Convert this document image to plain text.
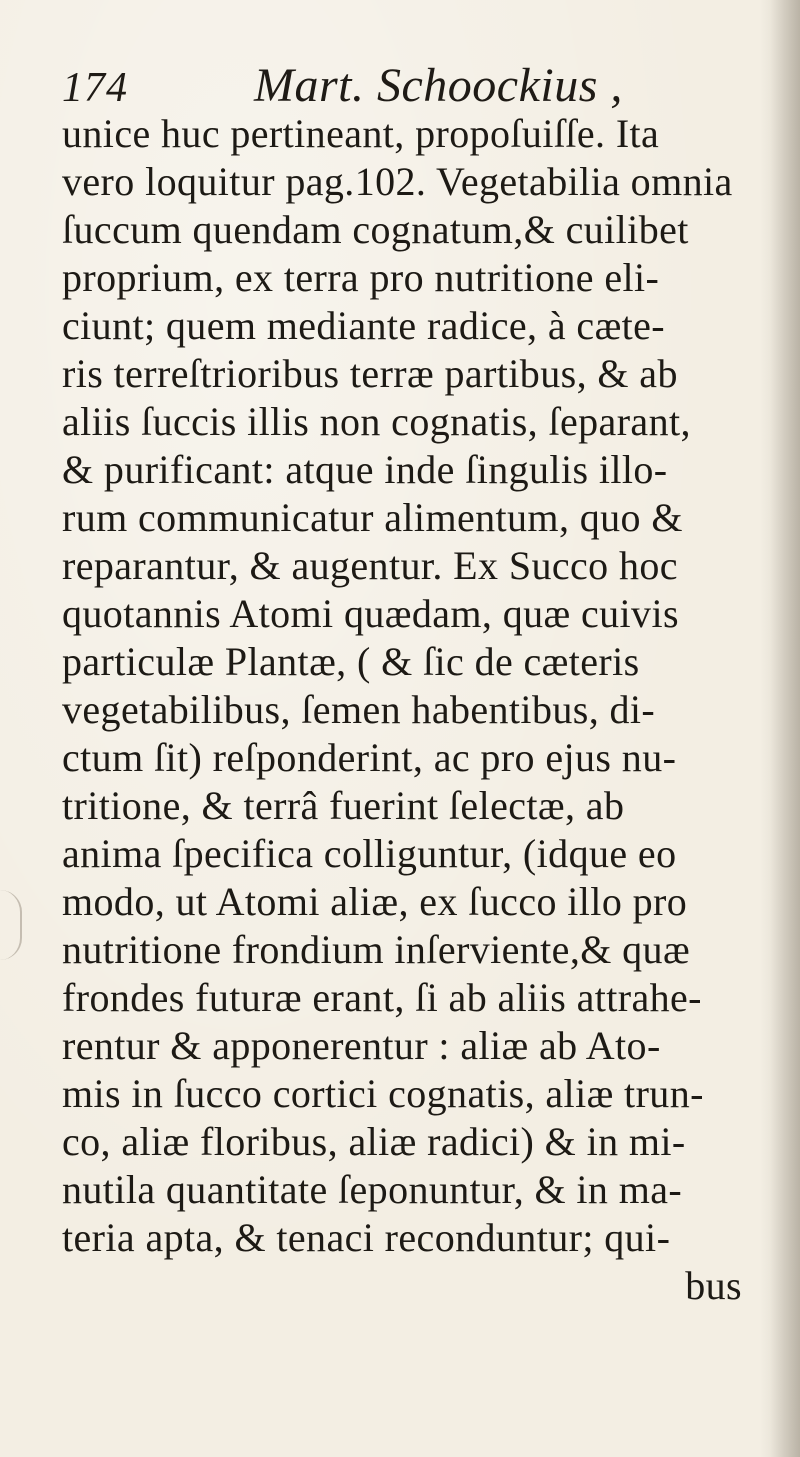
174	Mart. Schoockius ,
unice huc pertineant, propoſuiſſe. Ita
vero loquitur pag.102. Vegetabilia omnia
ſuccum quendam cognatum,& cuilibet
proprium, ex terra pro nutritione eli-
ciunt; quem mediante radice, à cæte-
ris terreſtrioribus terræ partibus, & ab
aliis ſuccis illis non cognatis, ſeparant,
& purificant: atque inde ſingulis illo-
rum communicatur alimentum, quo &
reparantur, & augentur. Ex Succo hoc
quotannis Atomi quædam, quæ cuivis
particulæ Plantæ, ( & ſic de cæteris
vegetabilibus, ſemen habentibus, di-
ctum ſit) reſponderint, ac pro ejus nu-
tritione, & terrâ fuerint ſelectæ, ab
anima ſpecifica colliguntur, (idque eo
modo, ut Atomi aliæ, ex ſucco illo pro
nutritione frondium inſerviente,& quæ
frondes futuræ erant, ſi ab aliis attrahe-
rentur & apponerentur : aliæ ab Ato-
mis in ſucco cortici cognatis, aliæ trun-
co, aliæ floribus, aliæ radici) & in mi-
nutila quantitate ſeponuntur, & in ma-
teria apta, & tenaci reconduntur; qui-
bus
